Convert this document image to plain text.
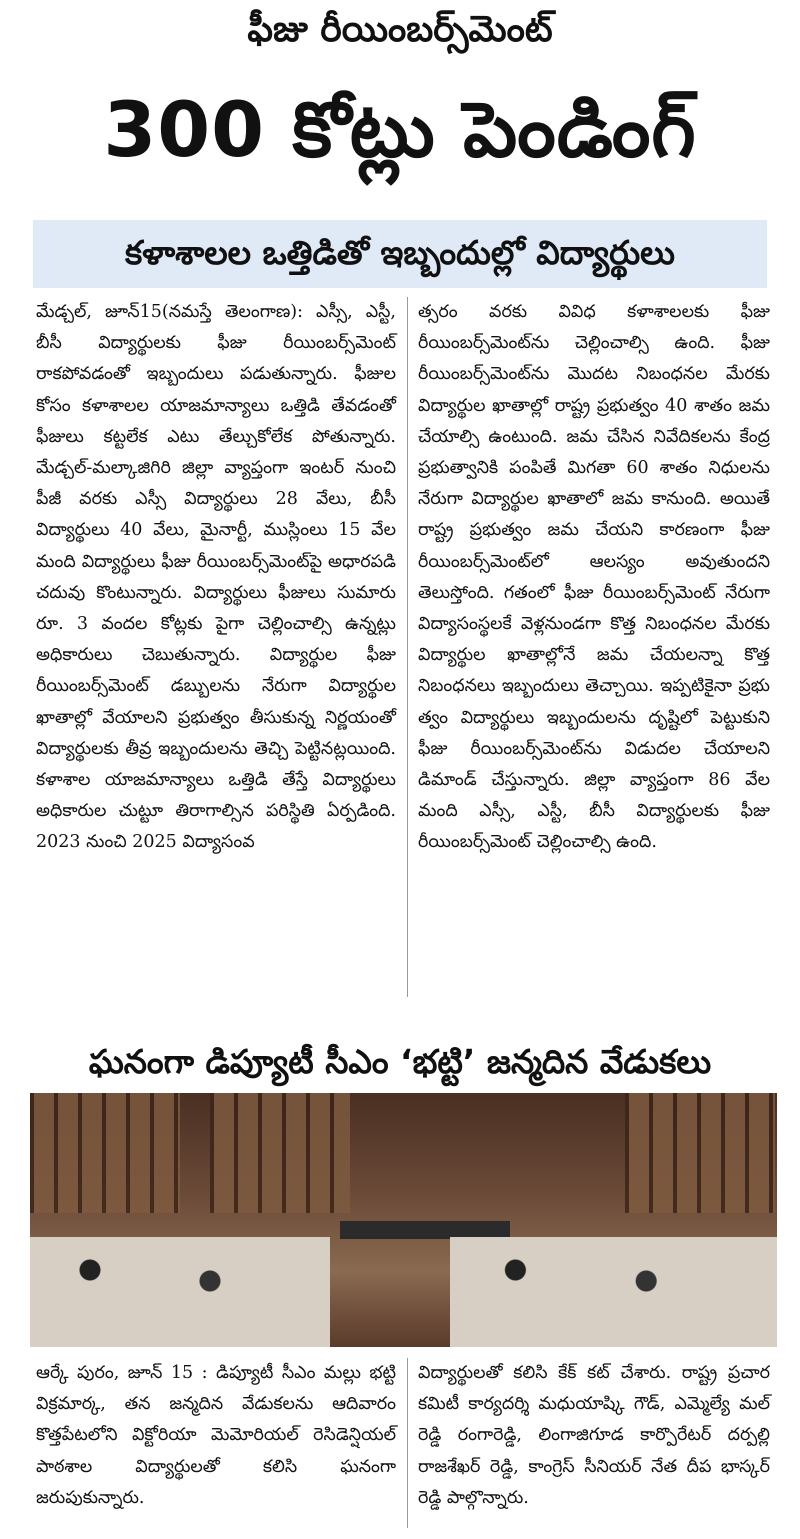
ఫీజు రీయింబర్స్‌మెంట్
300 కోట్లు పెండింగ్
కళాశాలల ఒత్తిడితో ఇబ్బందుల్లో విద్యార్థులు

మేడ్చల్, జూన్15(నమస్తే తెలంగాణ): ఎస్సీ, ఎస్టీ, బీసీ విద్యార్థులకు ఫీజు రీయింబర్స్‌మెంట్ రాకపోవడంతో ఇబ్బందులు పడుతున్నారు. ఫీజుల కోసం కళాశాలల యాజమాన్యాలు ఒత్తిడి తేవడంతో ఫీజులు కట్టలేక ఎటు తేల్చుకోలేక పోతున్నారు. మేడ్చల్-మల్కాజిగిరి జిల్లా వ్యాప్తంగా ఇంటర్ నుంచి పీజీ వరకు ఎస్సీ విద్యార్థులు 28 వేలు, బీసీ విద్యార్థులు 40 వేలు, మైనార్టీ, ముస్లింలు 15 వేల మంది విద్యార్థులు ఫీజు రీయింబర్స్‌మెంట్‌పై అధారపడి చదువు కొంటున్నారు. విద్యార్థులు ఫీజులు సుమారు రూ. 3 వందల కోట్లకు పైగా చెల్లించాల్సి ఉన్నట్లు అధికారులు చెబుతున్నారు. విద్యార్థుల ఫీజు రీయింబర్స్‌మెంట్ డబ్బులను నేరుగా విద్యార్థుల ఖాతాల్లో వేయాలని ప్రభుత్వం తీసుకున్న నిర్ణయంతో విద్యార్థులకు తీవ్ర ఇబ్బందులను తెచ్చి పెట్టినట్లయింది. కళాశాల యాజమాన్యాలు ఒత్తిడి తేస్తే విద్యార్థులు అధికారుల చుట్టూ తిరాగాల్సిన పరిస్థితి ఏర్పడింది. 2023 నుంచి 2025 విద్యాసంవ

త్సరం వరకు వివిధ కళాశాలలకు ఫీజు రీయింబర్స్‌మెంట్‌ను చెల్లించాల్సి ఉంది. ఫీజు రీయింబర్స్‌మెంట్‌ను మొదట నిబంధనల మేరకు విద్యార్థుల ఖాతాల్లో రాష్ట్ర ప్రభుత్వం 40 శాతం జమ చేయాల్సి ఉంటుంది. జమ చేసిన నివేదికలను కేంద్ర ప్రభుత్వానికి పంపితే మిగతా 60 శాతం నిధులను నేరుగా విద్యార్థుల ఖాతాలో జమ కానుంది. అయితే రాష్ట్ర ప్రభుత్వం జమ చేయని కారణంగా ఫీజు రీయింబర్స్‌మెంట్‌లో ఆలస్యం అవుతుందని తెలుస్తోంది. గతంలో ఫీజు రీయింబర్స్‌మెంట్ నేరుగా విద్యాసంస్థలకే వెళ్లనుండగా కొత్త నిబంధనల మేరకు విద్యార్థుల ఖాతాల్లోనే జమ చేయలన్నా కొత్త నిబంధనలు ఇబ్బందులు తెచ్చాయి. ఇప్పటికైనా ప్రభు త్వం విద్యార్థులు ఇబ్బందులను దృష్టిలో పెట్టుకుని ఫీజు రీయింబర్స్‌మెంట్‌ను విడుదల చేయాలని డిమాండ్ చేస్తున్నారు. జిల్లా వ్యాప్తంగా 86 వేల మంది ఎస్సీ, ఎస్టీ, బీసీ విద్యార్థులకు ఫీజు రీయింబర్స్‌మెంట్ చెల్లించాల్సి ఉంది.

ఘనంగా డిప్యూటీ సీఎం ‘భట్టి’ జన్మదిన వేడుకలు

ఆర్కే పురం, జూన్ 15 : డిప్యూటీ సీఎం మల్లు భట్టి విక్రమార్క, తన జన్మదిన వేడుకలను ఆదివారం కొత్తపేటలోని విక్టోరియా మెమోరియల్ రెసిడెన్షియల్ పాఠశాల విద్యార్థులతో కలిసి ఘనంగా జరుపుకున్నారు.

విద్యార్థులతో కలిసి కేక్ కట్ చేశారు. రాష్ట్ర ప్రచార కమిటీ కార్యదర్శి మధుయాష్కి గౌడ్, ఎమ్మెల్యే మల్ రెడ్డి రంగారెడ్డి, లింగాజిగూడ కార్పొరేటర్ దర్పల్లి రాజశేఖర్ రెడ్డి, కాంగ్రెస్ సీనియర్ నేత దీప భాస్కర్ రెడ్డి పాల్గొన్నారు.
